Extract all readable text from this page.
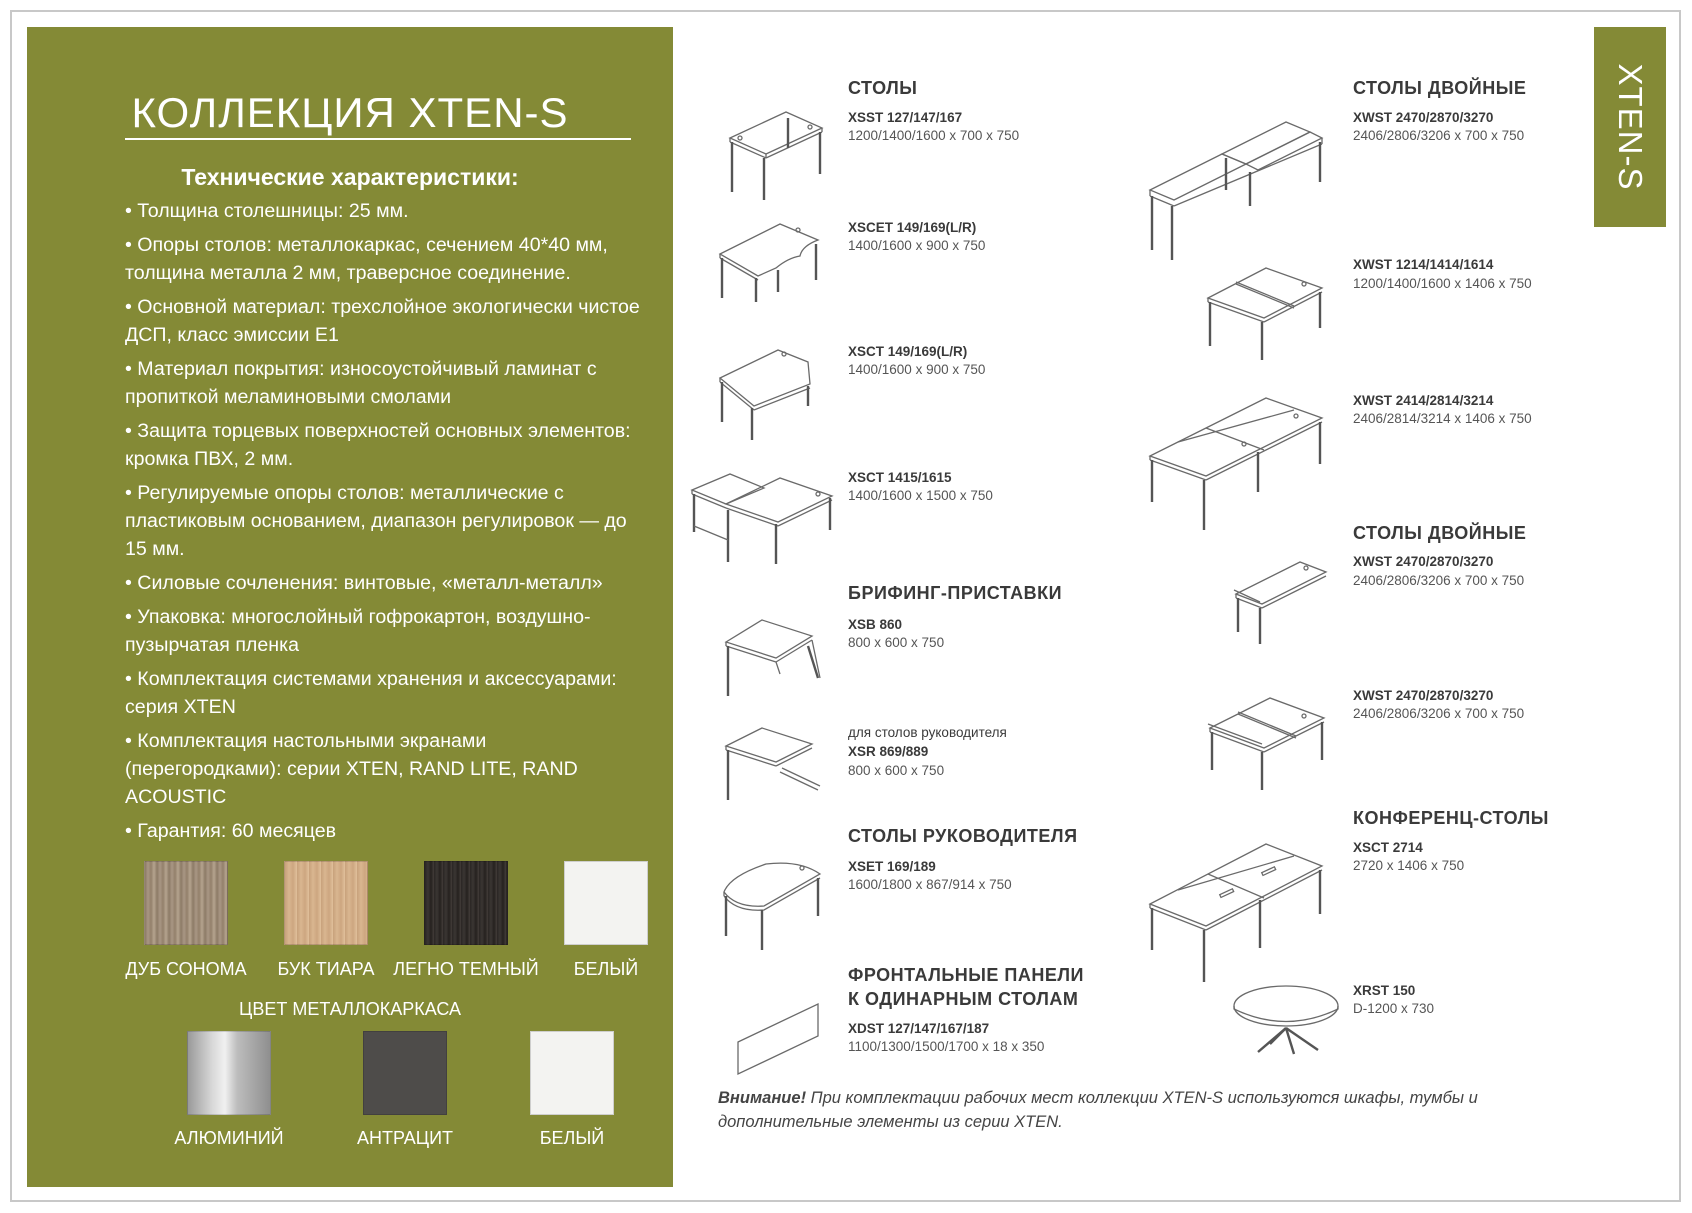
КОЛЛЕКЦИЯ XTEN-S
Технические характеристики:
• Толщина столешницы: 25 мм.
• Опоры столов: металлокаркас, сечением 40*40 мм, толщина металла 2 мм, траверсное соединение.
• Основной материал: трехслойное экологически чистое ДСП, класс эмиссии Е1
• Материал покрытия: износоустойчивый ламинат с пропиткой меламиновыми смолами
• Защита торцевых поверхностей основных элементов: кромка ПВХ, 2 мм.
• Регулируемые опоры столов: металлические с пластиковым основанием, диапазон регулировок — до 15 мм.
• Силовые сочленения: винтовые, «металл-металл»
• Упаковка: многослойный гофрокартон, воздушно-пузырчатая пленка
• Комплектация системами хранения и аксессуарами: серия XTEN
• Комплектация настольными экранами (перегородками): серии XTEN, RAND LITE, RAND ACOUSTIC
• Гарантия: 60 месяцев
ДУБ СОНОМА	БУК ТИАРА	ЛЕГНО ТЕМНЫЙ	БЕЛЫЙ
ЦВЕТ МЕТАЛЛОКАРКАСА
АЛЮМИНИЙ	АНТРАЦИТ	БЕЛЫЙ
XTEN-S
СТОЛЫ
XSST 127/147/167
1200/1400/1600 x 700 x 750
XSCET 149/169(L/R)
1400/1600 x 900 x 750
XSCT 149/169(L/R)
1400/1600 x 900 x 750
XSCT 1415/1615
1400/1600 x 1500 x 750
БРИФИНГ-ПРИСТАВКИ
XSB 860
800 x 600 x 750
для столов руководителя
XSR 869/889
800 x 600 x 750
СТОЛЫ РУКОВОДИТЕЛЯ
XSET 169/189
1600/1800 x 867/914 x 750
ФРОНТАЛЬНЫЕ ПАНЕЛИ
К ОДИНАРНЫМ СТОЛАМ
XDST 127/147/167/187
1100/1300/1500/1700 x 18 x 350
СТОЛЫ ДВОЙНЫЕ
XWST 2470/2870/3270
2406/2806/3206 x 700 x 750
XWST 1214/1414/1614
1200/1400/1600 x 1406 x 750
XWST 2414/2814/3214
2406/2814/3214 x 1406 x 750
СТОЛЫ ДВОЙНЫЕ
XWST 2470/2870/3270
2406/2806/3206 x 700 x 750
XWST 2470/2870/3270
2406/2806/3206 x 700 x 750
КОНФЕРЕНЦ-СТОЛЫ
XSCT 2714
2720 x 1406 x 750
XRST 150
D-1200 x 730
Внимание! При комплектации рабочих мест коллекции XTEN-S используются шкафы, тумбы и дополнительные элементы из серии XTEN.
